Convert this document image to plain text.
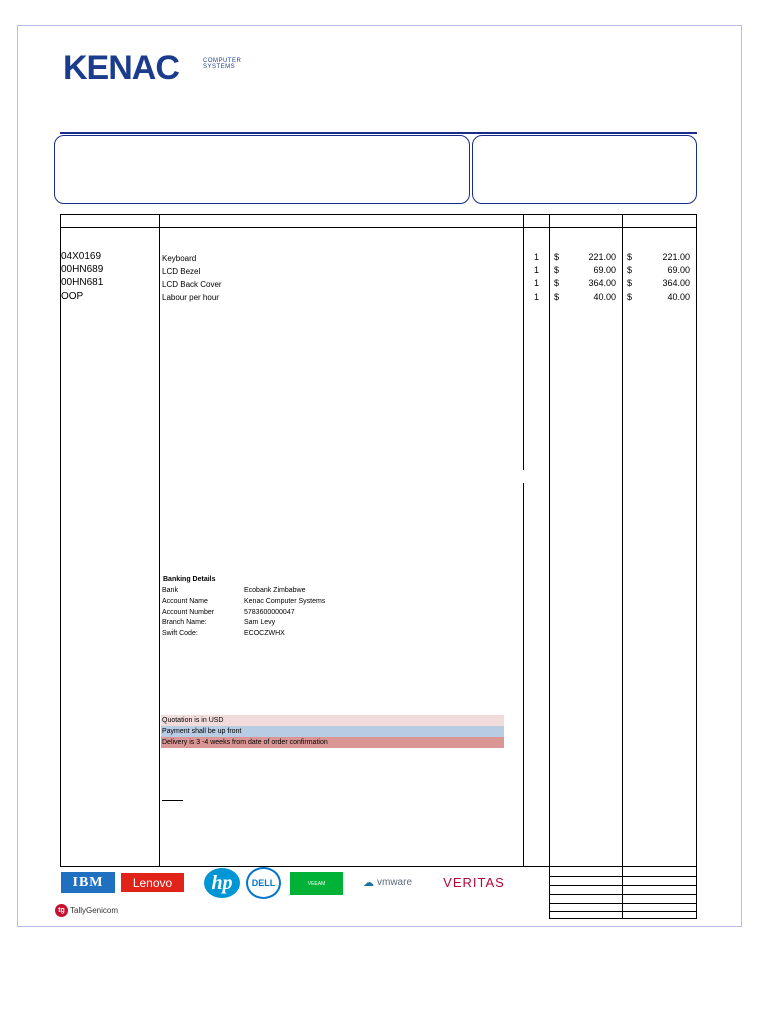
KENAC	COMPUTER
SYSTEMS
04X0169	Keyboard	1 $	221.00 $	221.00
00HN689	LCD Bezel	1 $	69.00 $	69.00
00HN681	LCD Back Cover	1 $	364.00 $	364.00
OOP	Labour per hour	1 $	40.00 $	40.00
Banking Details
Bank	Ecobank Zimbabwe
Account Name	Kenac Computer Systems
Account Number	5783600000047
Branch Name:	Sam Levy
Swift Code:	ECOCZWHX
Quotation is in USD
Payment shall be up front
Delivery is 3 -4 weeks from date of order confirmation
IBM	Lenovo	hp	DELL	VEEAM	☁ vmware	VERITAS
tg TallyGenicom
